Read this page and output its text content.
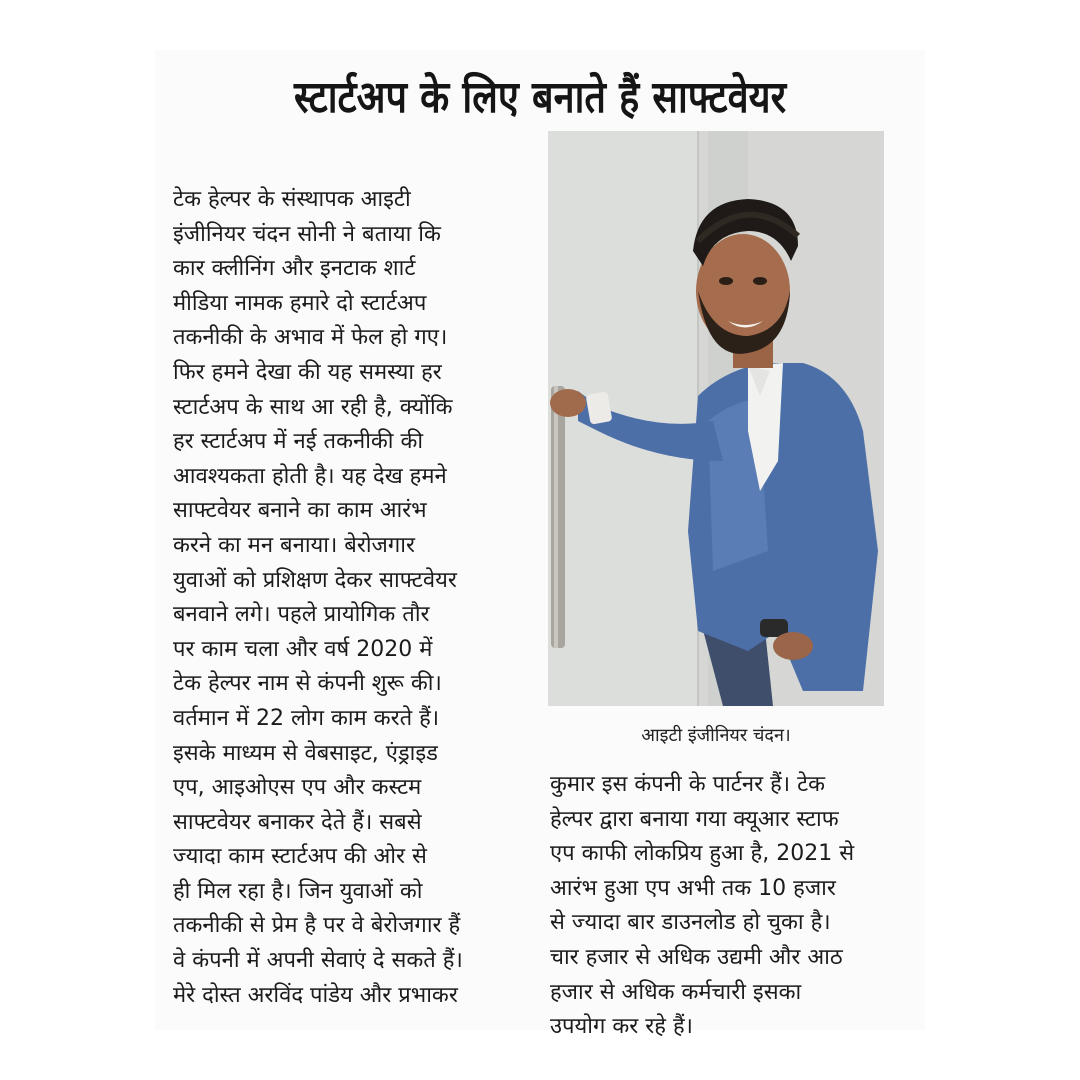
स्टार्टअप के लिए बनाते हैं साफ्टवेयर
टेक हेल्पर के संस्थापक आइटी
इंजीनियर चंदन सोनी ने बताया कि
कार क्लीनिंग और इनटाक शार्ट
मीडिया नामक हमारे दो स्टार्टअप
तकनीकी के अभाव में फेल हो गए।
फिर हमने देखा की यह समस्या हर
स्टार्टअप के साथ आ रही है, क्योंकि
हर स्टार्टअप में नई तकनीकी की
आवश्यकता होती है। यह देख हमने
साफ्टवेयर बनाने का काम आरंभ
करने का मन बनाया। बेरोजगार
युवाओं को प्रशिक्षण देकर साफ्टवेयर
बनवाने लगे। पहले प्रायोगिक तौर
पर काम चला और वर्ष 2020 में
टेक हेल्पर नाम से कंपनी शुरू की।
वर्तमान में 22 लोग काम करते हैं।
इसके माध्यम से वेबसाइट, एंड्राइड
एप, आइओएस एप और कस्टम
साफ्टवेयर बनाकर देते हैं। सबसे
ज्यादा काम स्टार्टअप की ओर से
ही मिल रहा है। जिन युवाओं को
तकनीकी से प्रेम है पर वे बेरोजगार हैं
वे कंपनी में अपनी सेवाएं दे सकते हैं।
मेरे दोस्त अरविंद पांडेय और प्रभाकर
आइटी इंजीनियर चंदन।
कुमार इस कंपनी के पार्टनर हैं। टेक
हेल्पर द्वारा बनाया गया क्यूआर स्टाफ
एप काफी लोकप्रिय हुआ है, 2021 से
आरंभ हुआ एप अभी तक 10 हजार
से ज्यादा बार डाउनलोड हो चुका है।
चार हजार से अधिक उद्यमी और आठ
हजार से अधिक कर्मचारी इसका
उपयोग कर रहे हैं।
